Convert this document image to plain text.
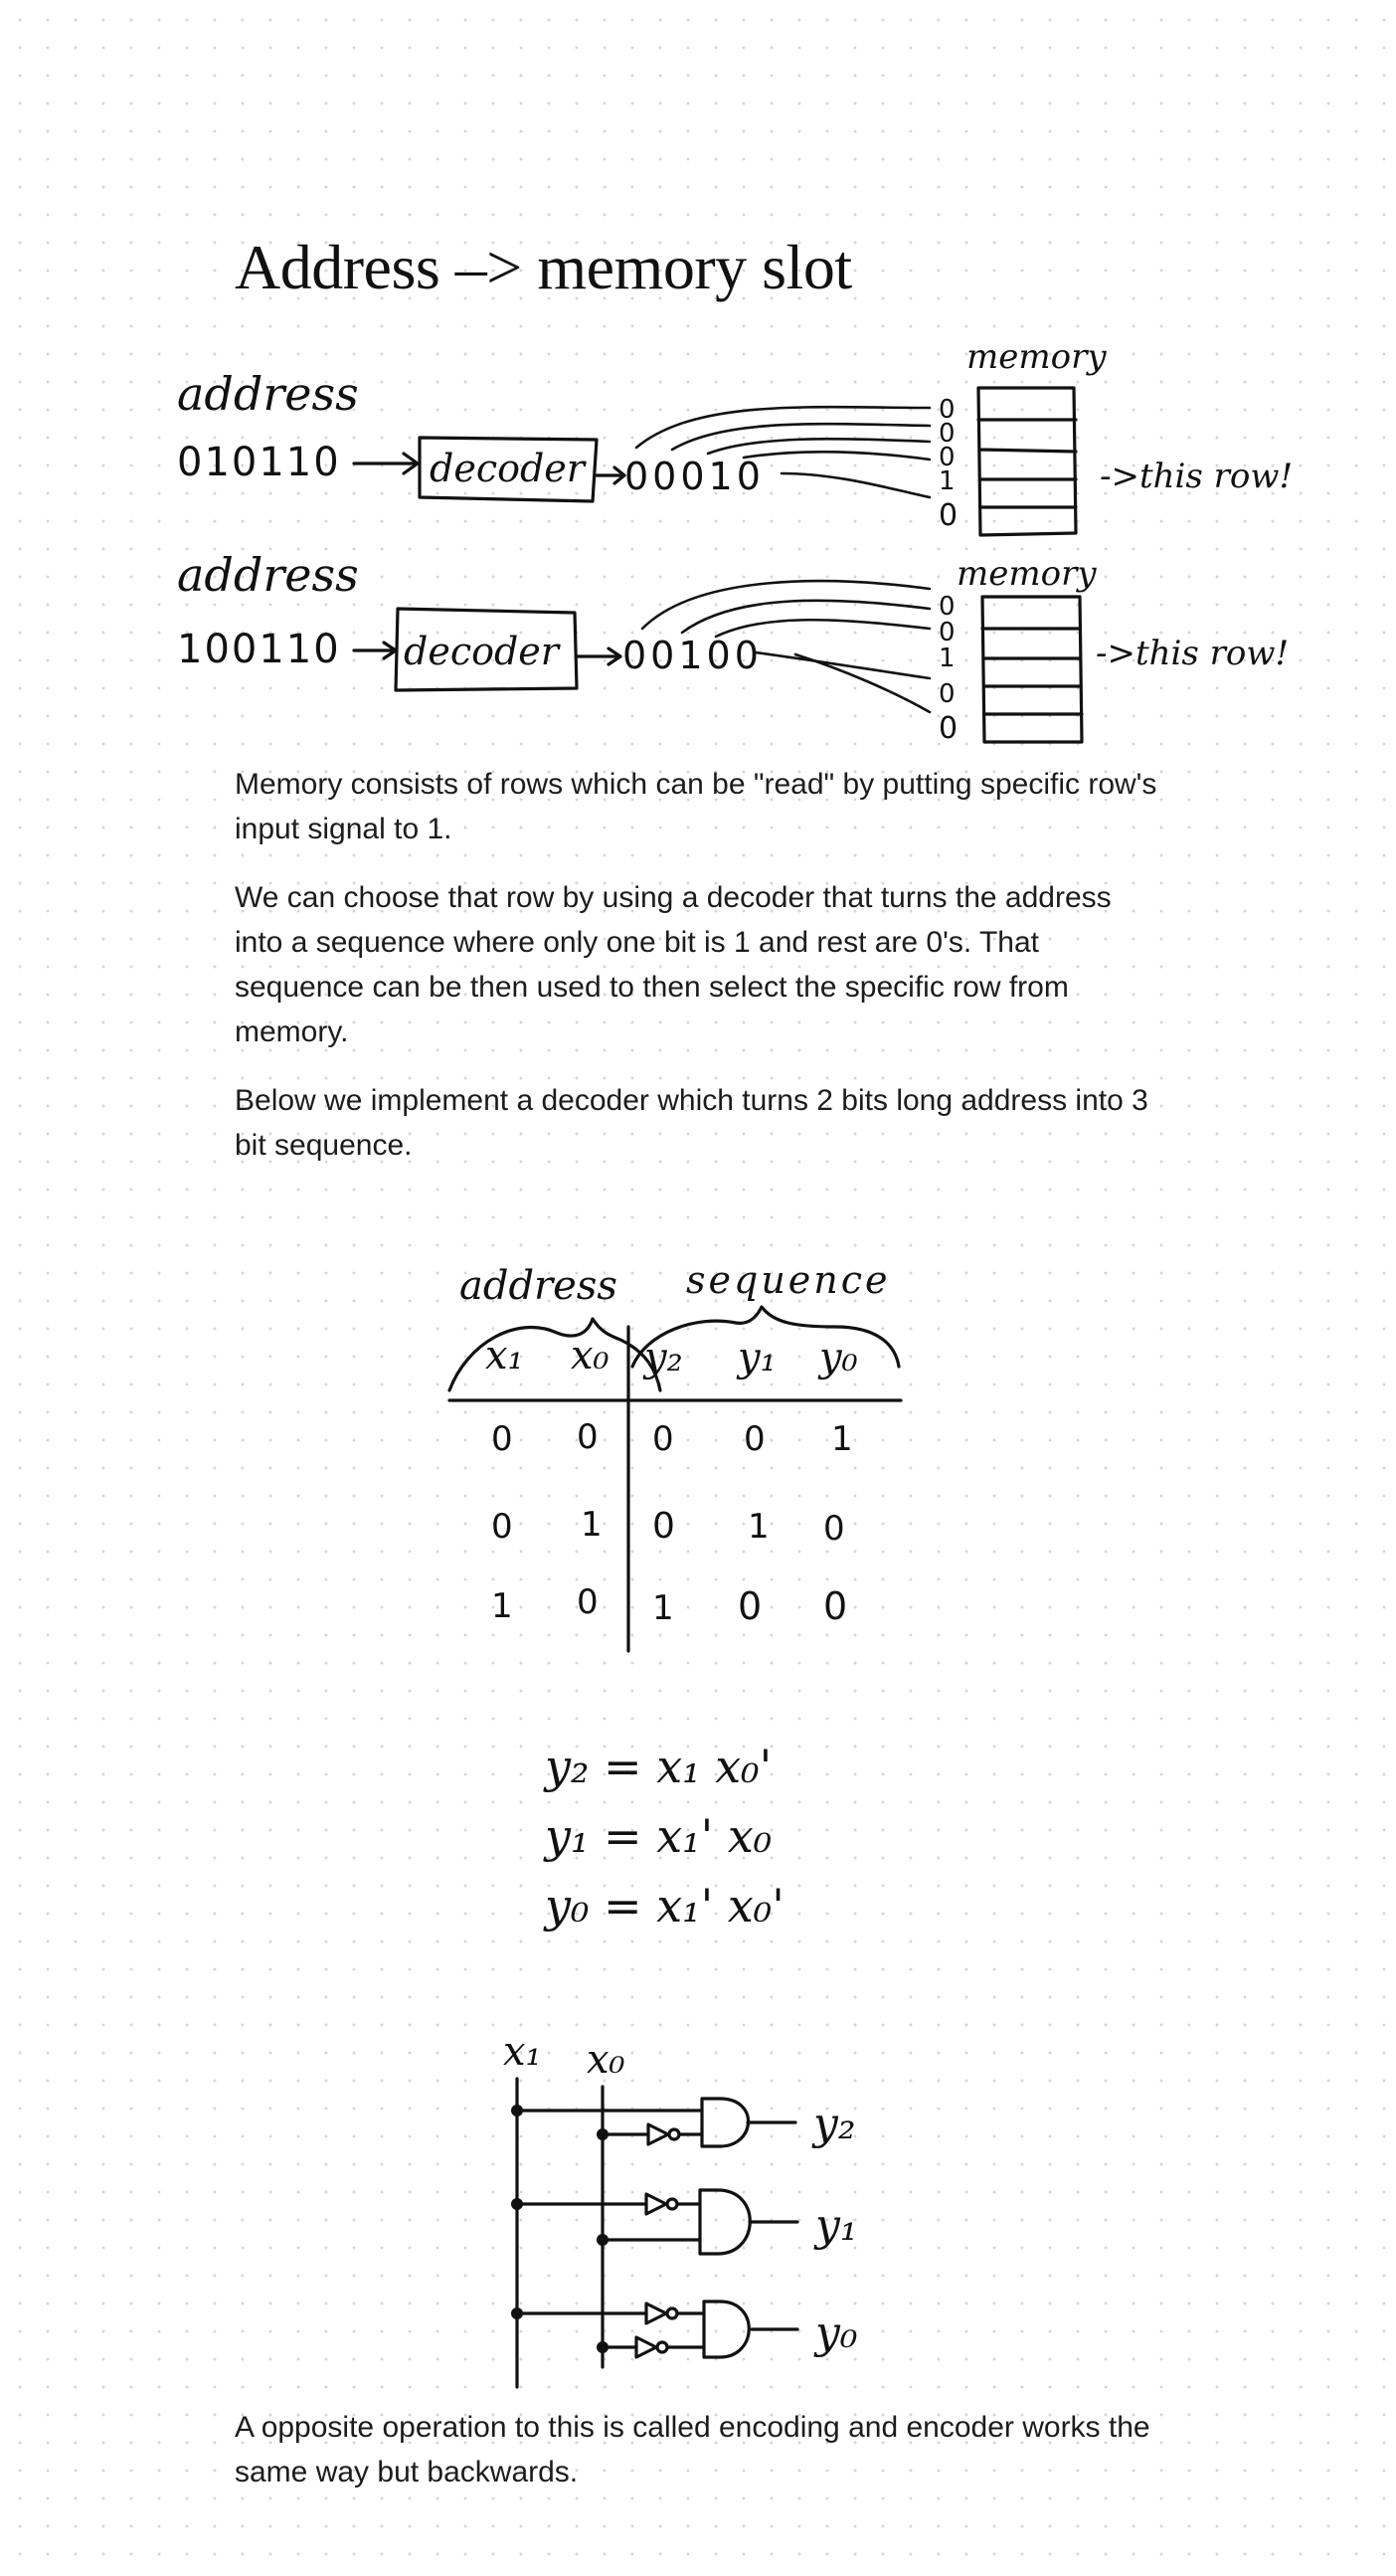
Address –> memory slot
address
010110 decoder 00010
memory
0
0
0
1
0
->this row!
address
100110 decoder 00100
memory
0
0
1
0
0
->this row!

Memory consists of rows which can be "read" by putting specific row's input signal to 1.

We can choose that row by using a decoder that turns the address into a sequence where only one bit is 1 and rest are 0's. That sequence can be then used to then select the specific row from memory.

Below we implement a decoder which turns 2 bits long address into 3 bit sequence.

address sequence
x₁ x₀ y₂ y₁ y₀
0 0 0 0 1
0 1 0 1 0
1 0 1 0 0
y₂ = x₁ x₀'
y₁ = x₁' x₀
y₀ = x₁' x₀'
x₁ x₀
y₂
y₁
y₀

A opposite operation to this is called encoding and encoder works the same way but backwards.
